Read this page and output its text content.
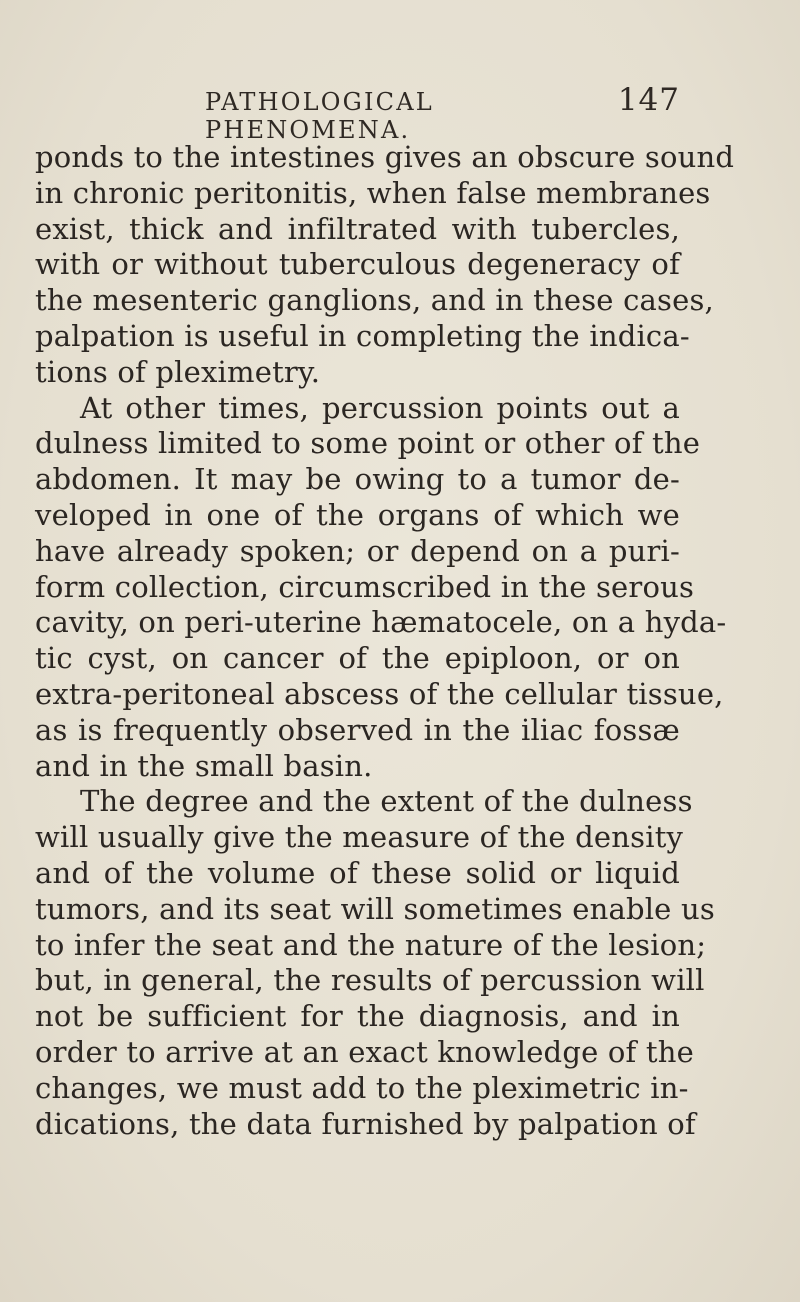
PATHOLOGICAL PHENOMENA.
147
ponds to the intestines gives an obscure sound
in chronic peritonitis, when false membranes
exist, thick and infiltrated with tubercles,
with or without tuberculous degeneracy of
the mesenteric ganglions, and in these cases,
palpation is useful in completing the indica-
tions of pleximetry.
At other times, percussion points out a
dulness limited to some point or other of the
abdomen. It may be owing to a tumor de-
veloped in one of the organs of which we
have already spoken; or depend on a puri-
form collection, circumscribed in the serous
cavity, on peri-uterine hæmatocele, on a hyda-
tic cyst, on cancer of the epiploon, or on
extra-peritoneal abscess of the cellular tissue,
as is frequently observed in the iliac fossæ
and in the small basin.
The degree and the extent of the dulness
will usually give the measure of the density
and of the volume of these solid or liquid
tumors, and its seat will sometimes enable us
to infer the seat and the nature of the lesion;
but, in general, the results of percussion will
not be sufficient for the diagnosis, and in
order to arrive at an exact knowledge of the
changes, we must add to the pleximetric in-
dications, the data furnished by palpation of
